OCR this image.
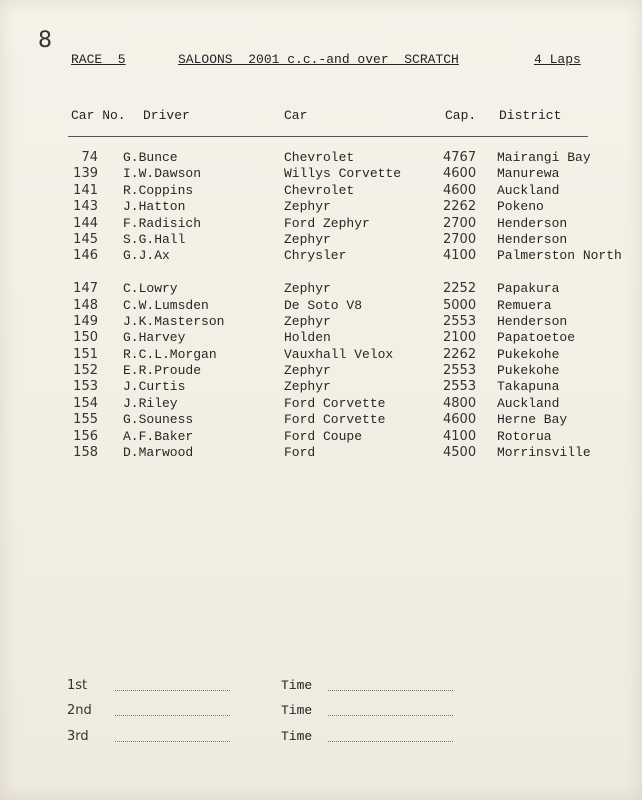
8
RACE  5	SALOONS  2001 c.c.-and over  SCRATCH	4 Laps
Car No. Driver	Car	Cap. District
74 G.Bunce	Chevrolet	4767 Mairangi Bay
139 I.W.Dawson	Willys Corvette	4600 Manurewa
141 R.Coppins	Chevrolet	4600 Auckland
143 J.Hatton	Zephyr	2262 Pokeno
144 F.Radisich	Ford Zephyr	2700 Henderson
145 S.G.Hall	Zephyr	2700 Henderson
146 G.J.Ax	Chrysler	4100 Palmerston North
147 C.Lowry	Zephyr	2252 Papakura
148 C.W.Lumsden	De Soto V8	5000 Remuera
149 J.K.Masterson	Zephyr	2553 Henderson
150 G.Harvey	Holden	2100 Papatoetoe
151 R.C.L.Morgan	Vauxhall Velox	2262 Pukekohe
152 E.R.Proude	Zephyr	2553 Pukekohe
153 J.Curtis	Zephyr	2553 Takapuna
154 J.Riley	Ford Corvette	4800 Auckland
155 G.Souness	Ford Corvette	4600 Herne Bay
156 A.F.Baker	Ford Coupe	4100 Rotorua
158 D.Marwood	Ford	4500 Morrinsville
1st	Time
2nd	Time
3rd	Time
